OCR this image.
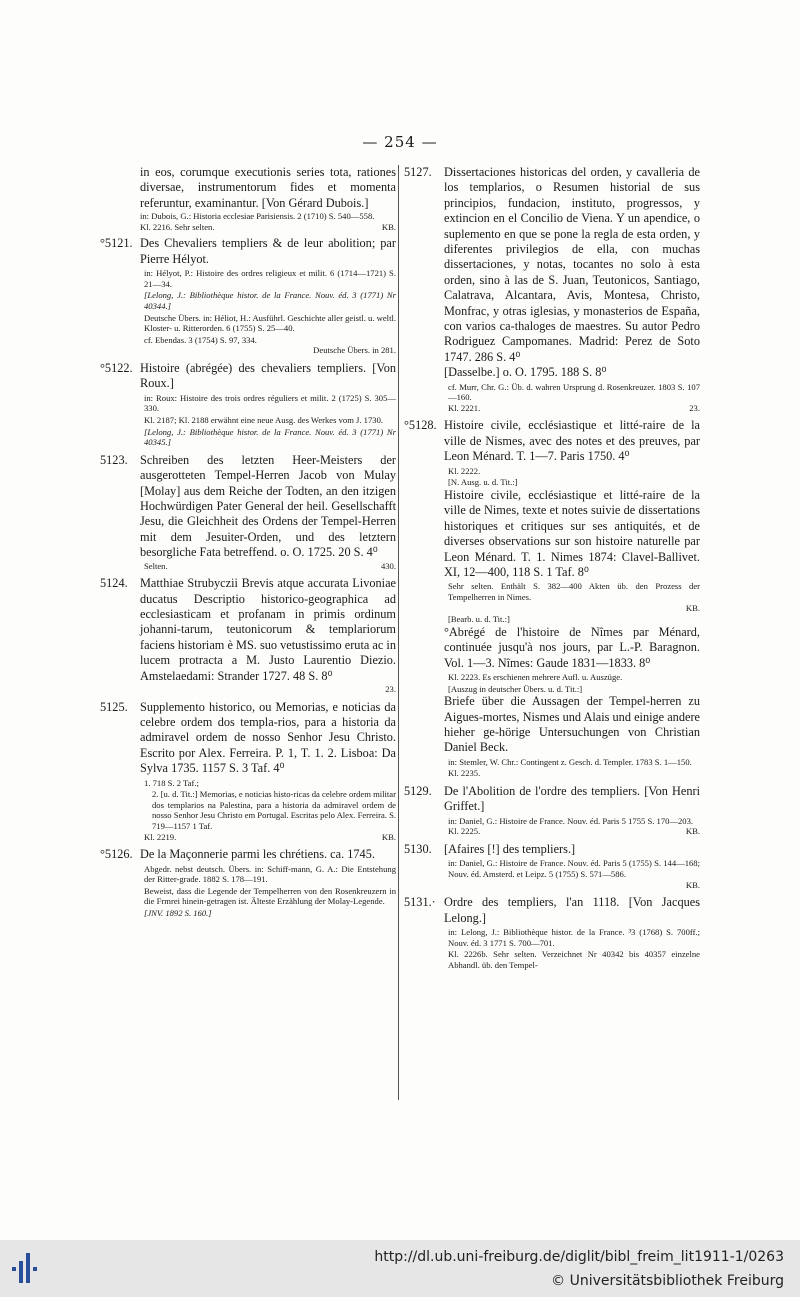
— 254 —
in eos, corumque executionis series tota, rationes diversae, instrumentorum fides et momenta referuntur, examinantur. [Von Gérard Dubois.]
in: Dubois, G.: Historia ecclesiae Parisiensis. 2 (1710) S. 540—558.
Kl. 2216. Sehr selten.	KB.
°5121. Des Chevaliers templiers & de leur abolition; par Pierre Hélyot.
in: Hélyot, P.: Histoire des ordres religieux et milit. 6 (1714—1721) S. 21—34.
[Lelong, J.: Bibliothèque histor. de la France. Nouv. éd. 3 (1771) Nr 40344.]
Deutsche Übers. in: Héliot, H.: Ausführl. Geschichte aller geistl. u. weltl. Kloster- u. Ritterorden. 6 (1755) S. 25—40.
cf. Ebendas. 3 (1754) S. 97, 334.
Deutsche Übers. in 281.
°5122. Histoire (abrégée) des chevaliers templiers. [Von Roux.]
in: Roux: Histoire des trois ordres réguliers et milit. 2 (1725) S. 305—330.
Kl. 2187; Kl. 2188 erwähnt eine neue Ausg. des Werkes vom J. 1730.
[Lelong, J.: Bibliothèque histor. de la France. Nouv. éd. 3 (1771) Nr 40345.]
5123.	Schreiben des letzten Heer-Meisters der ausgerotteten Tempel-Herren Jacob von Mulay [Molay] aus dem Reiche der Todten, an den itzigen Hochwürdigen Pater General der heil. Gesellschafft Jesu, die Gleichheit des Ordens der Tempel-Herren mit dem Jesuiter-Orden, und des letztern besorgliche Fata betreffend. o. O. 1725. 20 S. 4⁰
Selten.	430.
5124.	Matthiae Strubyczii Brevis atque accurata Livoniae ducatus Descriptio historico-geographica ad ecclesiasticam et profanam in primis ordinum johanni-tarum, teutonicorum & templariorum faciens historiam è MS. suo vetustissimo eruta ac in lucem protracta a M. Justo Laurentio Diezio. Amstelaedami: Strander 1727. 48 S. 8⁰
23.
5125.	Supplemento historico, ou Memorias, e noticias da celebre ordem dos templa-rios, para a historia da admiravel ordem de nosso Senhor Jesu Christo. Escrito por Alex. Ferreira. P. 1, T. 1. 2. Lisboa: Da Sylva 1735. 1157 S. 3 Taf. 4⁰
1. 718 S. 2 Taf.;
2. [u. d. Tit.:] Memorias, e noticias histo-ricas da celebre ordem militar dos templarios na Palestina, para a historia da admiravel ordem de nosso Senhor Jesu Christo em Portugal. Escritas pelo Alex. Ferreira. S. 719—1157 1 Taf.
Kl. 2219.	KB.
°5126. De la Maçonnerie parmi les chrétiens. ca. 1745.
Abgedr. nebst deutsch. Übers. in: Schiff-mann, G. A.: Die Entstehung der Ritter-grade. 1882 S. 178—191.
Beweist, dass die Legende der Tempelherren von den Rosenkreuzern in die Frmrei hinein-getragen ist. Älteste Erzählung der Molay-Legende.
[JNV. 1892 S. 160.]
5127.	Dissertaciones historicas del orden, y cavalleria de los templarios, o Resumen historial de sus principios, fundacion, instituto, progressos, y extincion en el Concilio de Viena. Y un apendice, o suplemento en que se pone la regla de esta orden, y diferentes privilegios de ella, con muchas dissertaciones, y notas, tocantes no solo à esta orden, sino à las de S. Juan, Teutonicos, Santiago, Calatrava, Alcantara, Avis, Montesa, Christo, Monfrac, y otras iglesias, y monasterios de España, con varios ca-thaloges de maestres. Su autor Pedro Rodriguez Campomanes. Madrid: Perez de Soto 1747. 286 S. 4⁰
[Dasselbe.] o. O. 1795. 188 S. 8⁰
cf. Murr, Chr. G.: Üb. d. wahren Ursprung d. Rosenkreuzer. 1803 S. 107—160.
Kl. 2221.	23.
°5128. Histoire civile, ecclésiastique et litté-raire de la ville de Nismes, avec des notes et des preuves, par Leon Ménard. T. 1—7. Paris 1750. 4⁰
Kl. 2222.
[N. Ausg. u. d. Tit.:]
Histoire civile, ecclésiastique et litté-raire de la ville de Nimes, texte et notes suivie de dissertations historiques et critiques sur ses antiquités, et de diverses observations sur son histoire naturelle par Leon Ménard. T. 1. Nimes 1874: Clavel-Ballivet. XI, 12—400, 118 S. 1 Taf. 8⁰
Sehr selten. Enthält S. 382—400 Akten üb. den Prozess der Tempelherren in Nimes.
KB.
[Bearb. u. d. Tit.:]
°Abrégé de l'histoire de Nîmes par Ménard, continuée jusqu'à nos jours, par L.-P. Baragnon. Vol. 1—3. Nîmes: Gaude 1831—1833. 8⁰
Kl. 2223. Es erschienen mehrere Aufl. u. Auszüge.
[Auszug in deutscher Übers. u. d. Tit.:]
Briefe über die Aussagen der Tempel-herren zu Aigues-mortes, Nismes und Alais und einige andere hieher ge-hörige Untersuchungen von Christian Daniel Beck.
in: Stemler, W. Chr.: Contingent z. Gesch. d. Templer. 1783 S. 1—150.
Kl. 2235.
5129.	De l'Abolition de l'ordre des templiers. [Von Henri Griffet.]
in: Daniel, G.: Histoire de France. Nouv. éd. Paris 5 1755 S. 170—203.
Kl. 2225.	KB.
5130.	[Afaires [!] des templiers.]
in: Daniel, G.: Histoire de France. Nouv. éd. Paris 5 (1755) S. 144—168; Nouv. éd. Amsterd. et Leipz. 5 (1755) S. 571—586.
KB.
5131.· Ordre des templiers, l'an 1118. [Von Jacques Lelong.]
in: Lelong, J.: Bibliothèque histor. de la France. ³3 (1768) S. 700ff.; Nouv. éd. 3 1771 S. 700—701.
Kl. 2226b. Sehr selten. Verzeichnet Nr 40342 bis 40357 einzelne Abhandl. üb. den Tempel-
http://dl.ub.uni-freiburg.de/diglit/bibl_freim_lit1911-1/0263
© Universitätsbibliothek Freiburg
